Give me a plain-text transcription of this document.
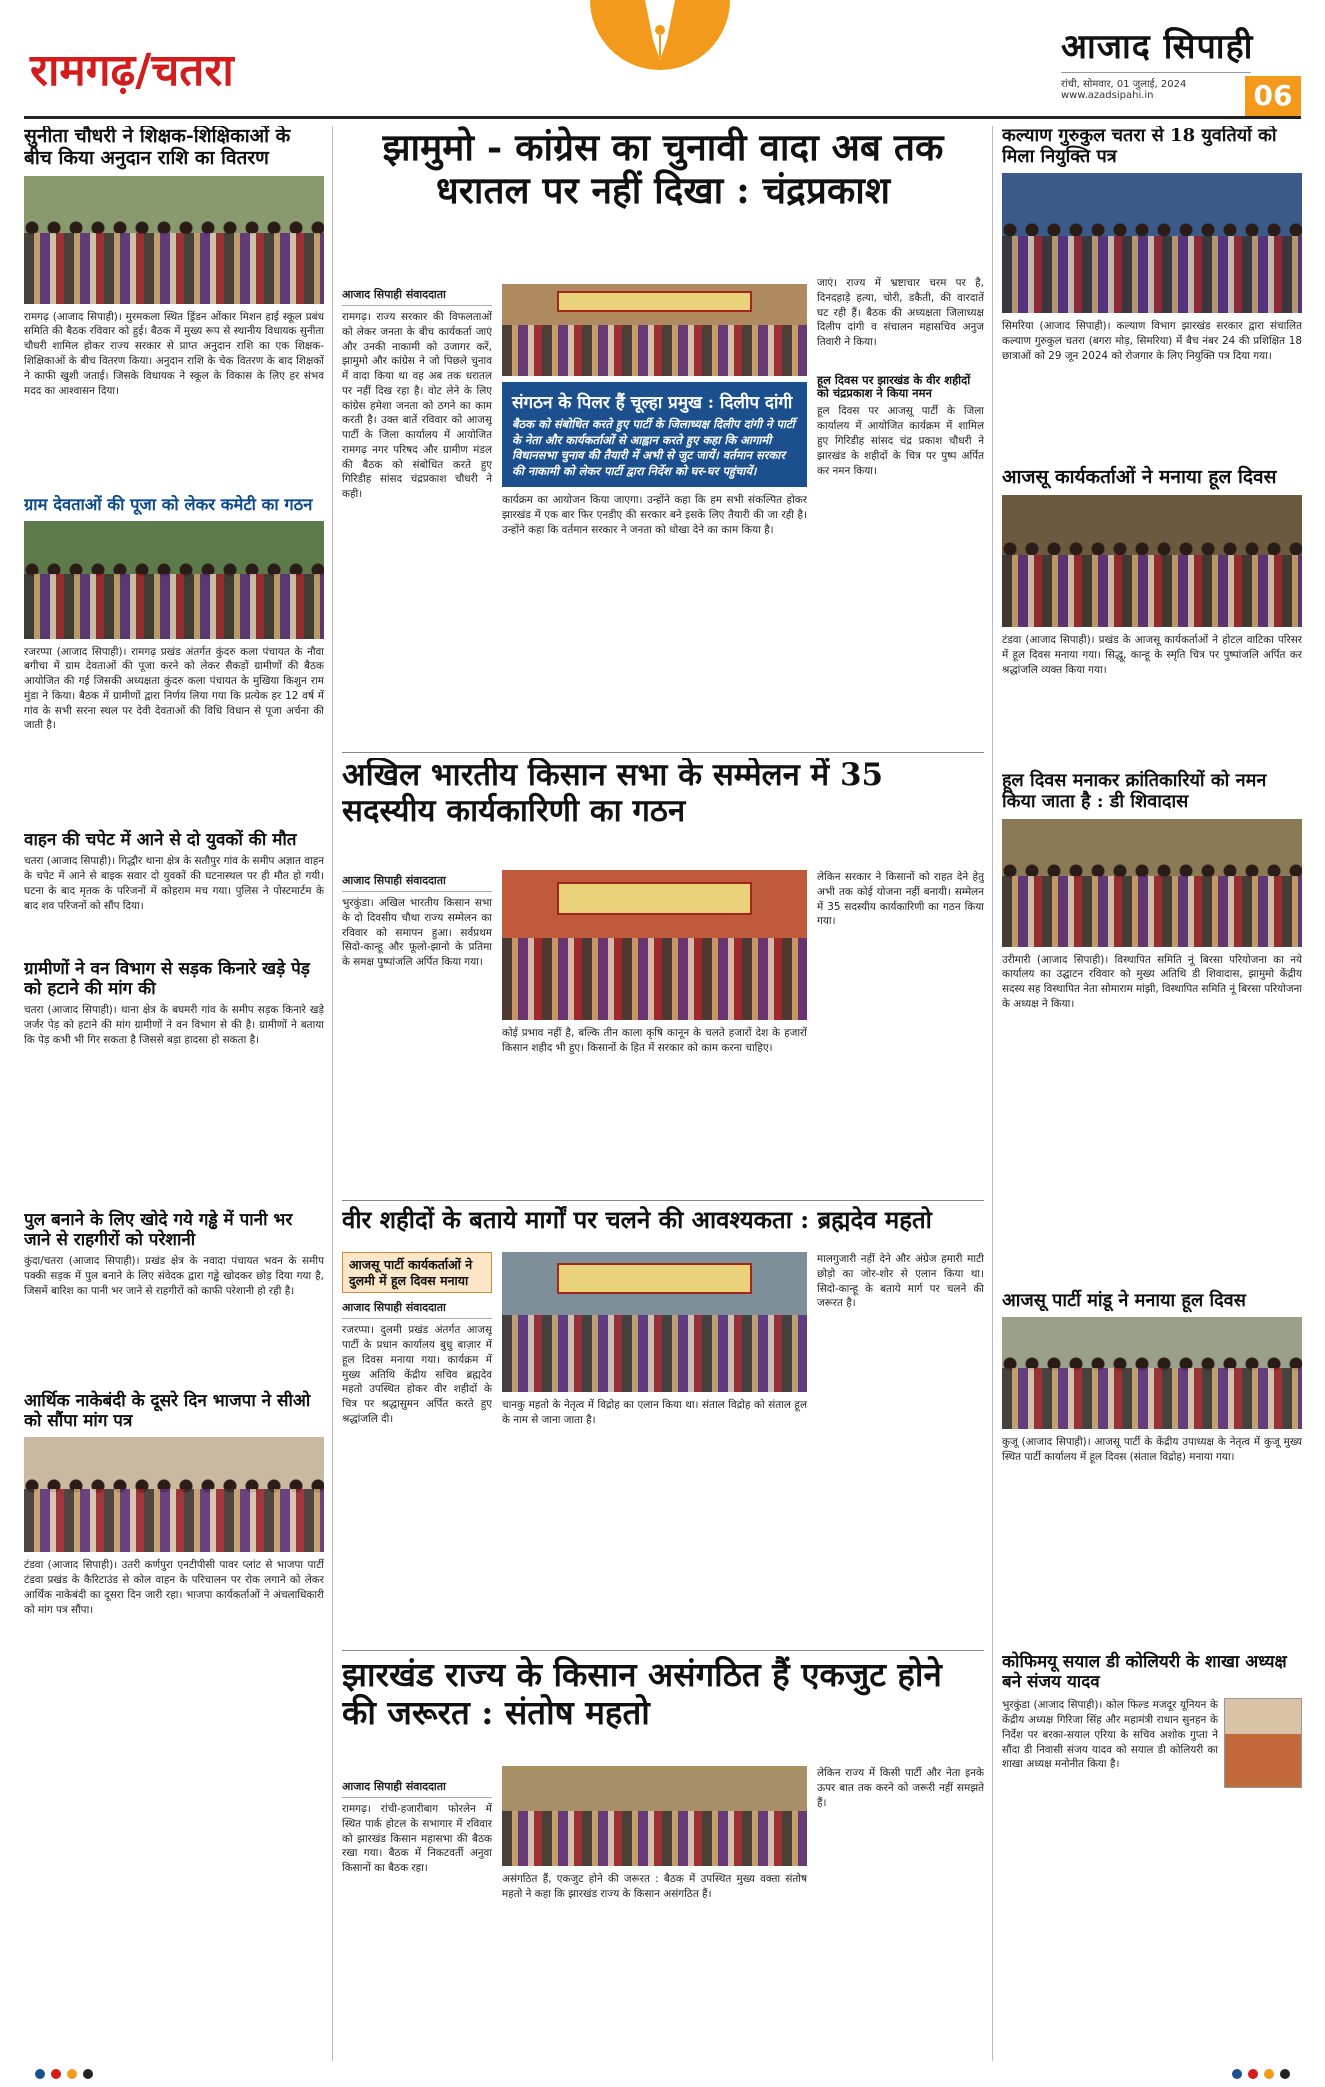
रामगढ़/चतरा	आजाद सिपाही
रांची, सोमवार, 01 जुलाई, 2024
www.azadsipahi.in	06
सुनीता चौधरी ने शिक्षक-शिक्षिकाओं के बीच किया अनुदान राशि का वितरण
रामगढ़ (आजाद सिपाही)। मुरमकला स्थित ड्रिंडन ओंकार मिशन हाई स्कूल प्रबंध समिति की बैठक रविवार को हुई। बैठक में मुख्य रूप से स्थानीय विधायक सुनीता चौधरी शामिल होकर राज्य सरकार से प्राप्त अनुदान राशि का एक शिक्षक-शिक्षिकाओं के बीच वितरण किया। अनुदान राशि के चेक वितरण के बाद शिक्षकों ने काफी खुशी जताई। जिसके विधायक ने स्कूल के विकास के लिए हर संभव मदद का आश्वासन दिया।
ग्राम देवताओं की पूजा को लेकर कमेटी का गठन
रजरप्पा (आजाद सिपाही)। रामगढ़ प्रखंड अंतर्गत कुंदरु कला पंचायत के नौवा बगीचा में ग्राम देवताओं की पूजा करने को लेकर सैकड़ों ग्रामीणों की बैठक आयोजित की गई जिसकी अध्यक्षता कुंदरु कला पंचायत के मुखिया किशुन राम मुंडा ने किया। बैठक में ग्रामीणों द्वारा निर्णय लिया गया कि प्रत्येक हर 12 वर्ष में गांव के सभी सरना स्थल पर देवी देवताओं की विधि विधान से पूजा अर्चना की जाती है।
वाहन की चपेट में आने से दो युवकों की मौत
चतरा (आजाद सिपाही)। गिद्धौर थाना क्षेत्र के सतौपुर गांव के समीप अज्ञात वाहन के चपेट में आने से बाइक सवार दो युवकों की घटनास्थल पर ही मौत हो गयी। घटना के बाद मृतक के परिजनों में कोहराम मच गया। पुलिस ने पोस्टमार्टम के बाद शव परिजनों को सौंप दिया।
ग्रामीणों ने वन विभाग से सड़क किनारे खड़े पेड़ को हटाने की मांग की
चतरा (आजाद सिपाही)। थाना क्षेत्र के बघमरी गांव के समीप सड़क किनारे खड़े जर्जर पेड़ को हटाने की मांग ग्रामीणों ने वन विभाग से की है। ग्रामीणों ने बताया कि पेड़ कभी भी गिर सकता है जिससे बड़ा हादसा हो सकता है।
पुल बनाने के लिए खोदे गये गड्ढे में पानी भर जाने से राहगीरों को परेशानी
कुंदा/चतरा (आजाद सिपाही)। प्रखंड क्षेत्र के नवादा पंचायत भवन के समीप पक्की सड़क में पुल बनाने के लिए संवेदक द्वारा गड्ढे खोदकर छोड़ दिया गया है, जिसमें बारिश का पानी भर जाने से राहगीरों को काफी परेशानी हो रही है।
आर्थिक नाकेबंदी के दूसरे दिन भाजपा ने सीओ को सौंपा मांग पत्र
टंडवा (आजाद सिपाही)। उतरी कर्णपुरा एनटीपीसी पावर प्लांट से भाजपा पार्टी टंडवा प्रखंड के कैरिटाउंड से कोल वाहन के परिचालन पर रोक लगाने को लेकर आर्थिक नाकेबंदी का दूसरा दिन जारी रहा। भाजपा कार्यकर्ताओं ने अंचलाधिकारी को मांग पत्र सौंपा।
झामुमो - कांग्रेस का चुनावी वादा अब तक धरातल पर नहीं दिखा : चंद्रप्रकाश
आजाद सिपाही संवाददाता
रामगढ़। राज्य सरकार की विफलताओं को लेकर जनता के बीच कार्यकर्ता जाएं और उनकी नाकामी को उजागर करें, झामुमो और कांग्रेस ने जो पिछले चुनाव में वादा किया था वह अब तक धरातल पर नहीं दिख रहा है। वोट लेने के लिए कांग्रेस हमेशा जनता को ठगने का काम करती है। उक्त बातें रविवार को आजसू पार्टी के जिला कार्यालय में आयोजित रामगढ़ नगर परिषद और ग्रामीण मंडल की बैठक को संबोधित करते हुए गिरिडीह सांसद चंद्रप्रकाश चौधरी ने कही।
संगठन के पिलर हैं चूल्हा प्रमुख : दिलीप दांगी
बैठक को संबोधित करते हुए पार्टी के जिलाध्यक्ष दिलीप दांगी ने पार्टी के नेता और कार्यकर्ताओं से आह्वान करते हुए कहा कि आगामी विधानसभा चुनाव की तैयारी में अभी से जुट जायें। वर्तमान सरकार की नाकामी को लेकर पार्टी द्वारा निर्देश को घर-घर पहुंचायें।
कार्यक्रम का आयोजन किया जाएगा। उन्होंने कहा कि हम सभी संकल्पित होकर झारखंड में एक बार फिर एनडीए की सरकार बने इसके लिए तैयारी की जा रही है। उन्होंने कहा कि वर्तमान सरकार ने जनता को धोखा देने का काम किया है।
जाएं। राज्य में भ्रष्टाचार चरम पर है, दिनदहाड़े हत्या, चोरी, डकैती, की वारदातें घट रही हैं। बैठक की अध्यक्षता जिलाध्यक्ष दिलीप दांगी व संचालन महासचिव अनुज तिवारी ने किया।
हूल दिवस पर झारखंड के वीर शहीदों को चंद्रप्रकाश ने किया नमन
हूल दिवस पर आजसू पार्टी के जिला कार्यालय में आयोजित कार्यक्रम में शामिल हुए गिरिडीह सांसद चंद्र प्रकाश चौधरी ने झारखंड के शहीदों के चित्र पर पुष्प अर्पित कर नमन किया।
अखिल भारतीय किसान सभा के सम्मेलन में 35 सदस्यीय कार्यकारिणी का गठन
आजाद सिपाही संवाददाता
भुरकुंडा। अखिल भारतीय किसान सभा के दो दिवसीय चौथा राज्य सम्मेलन का रविवार को समापन हुआ। सर्वप्रथम सिदो-कान्हू और फूलो-झानो के प्रतिमा के समक्ष पुष्पांजलि अर्पित किया गया।
कोई प्रभाव नहीं है, बल्कि तीन काला कृषि कानून के चलते हजारों देश के हजारों किसान शहीद भी हुए। किसानों के हित में सरकार को काम करना चाहिए।
लेकिन सरकार ने किसानों को राहत देने हेतु अभी तक कोई योजना नहीं बनायी। सम्मेलन में 35 सदस्यीय कार्यकारिणी का गठन किया गया।
वीर शहीदों के बताये मार्गों पर चलने की आवश्यकता : ब्रह्मदेव महतो
आजसू पार्टी कार्यकर्ताओं ने दुलमी में हूल दिवस मनाया
आजाद सिपाही संवाददाता
रजरप्पा। दुलमी प्रखंड अंतर्गत आजसू पार्टी के प्रधान कार्यालय बुधु बाज़ार में हूल दिवस मनाया गया। कार्यक्रम में मुख्य अतिथि केंद्रीय सचिव ब्रह्मदेव महतो उपस्थित होकर वीर शहीदों के चित्र पर श्रद्धासुमन अर्पित करते हुए श्रद्धांजलि दी।
चानकु महतो के नेतृत्व में विद्रोह का एलान किया था। संताल विद्रोह को संताल हूल के नाम से जाना जाता है।
मालगुजारी नहीं देने और अंग्रेज हमारी माटी छोड़ो का जोर-शोर से एलान किया था। सिदो-कान्हू के बताये मार्ग पर चलने की जरूरत है।
झारखंड राज्य के किसान असंगठित हैं एकजुट होने की जरूरत : संतोष महतो
आजाद सिपाही संवाददाता
रामगढ़। रांची-हजारीबाग फोरलेन में स्थित पार्क होटल के सभागार में रविवार को झारखंड किसान महासभा की बैठक रखा गया। बैठक में निकटवर्ती अनुवा किसानों का बैठक रहा।
असंगठित हैं, एकजुट होने की जरूरत : बैठक में उपस्थित मुख्य वक्ता संतोष महतो ने कहा कि झारखंड राज्य के किसान असंगठित हैं।
लेकिन राज्य में किसी पार्टी और नेता इनके ऊपर बात तक करने को जरूरी नहीं समझते हैं।
कल्याण गुरुकुल चतरा से 18 युवतियों को मिला नियुक्ति पत्र
सिमरिया (आजाद सिपाही)। कल्याण विभाग झारखंड सरकार द्वारा संचालित कल्याण गुरुकुल चतरा (बगरा मोड़, सिमरिया) में बैच नंबर 24 की प्रशिक्षित 18 छात्राओं को 29 जून 2024 को रोजगार के लिए नियुक्ति पत्र दिया गया।
आजसू कार्यकर्ताओं ने मनाया हूल दिवस
टंडवा (आजाद सिपाही)। प्रखंड के आजसू कार्यकर्ताओं ने होटल वाटिका परिसर में हूल दिवस मनाया गया। सिद्धू, कान्हू के स्मृति चित्र पर पुष्पांजलि अर्पित कर श्रद्धांजलि व्यक्त किया गया।
हूल दिवस मनाकर क्रांतिकारियों को नमन किया जाता है : डी शिवादास
उरीमारी (आजाद सिपाही)। विस्थापित समिति नूं बिरसा परियोजना का नये कार्यालय का उद्घाटन रविवार को मुख्य अतिथि डी शिवादास, झामुमो केंद्रीय सदस्य सह विस्थापित नेता सोमाराम मांझी, विस्थापित समिति नूं बिरसा परियोजना के अध्यक्ष ने किया।
आजसू पार्टी मांडू ने मनाया हूल दिवस
कुजू (आजाद सिपाही)। आजसू पार्टी के केंद्रीय उपाध्यक्ष के नेतृत्व में कुजू मुख्य स्थित पार्टी कार्यालय में हूल दिवस (संताल विद्रोह) मनाया गया।
कोफिमयू सयाल डी कोलियरी के शाखा अध्यक्ष बने संजय यादव
भुरकुंडा (आजाद सिपाही)। कोल फिल्ड मजदूर यूनियन के केंद्रीय अध्यक्ष गिरिजा सिंह और महामंत्री राधान सुनहन के निर्देश पर बरका-सयाल एरिया के सचिव अशोक गुप्ता ने सौंदा डी निवासी संजय यादव को सयाल डी कोलियरी का शाखा अध्यक्ष मनोनीत किया है।
